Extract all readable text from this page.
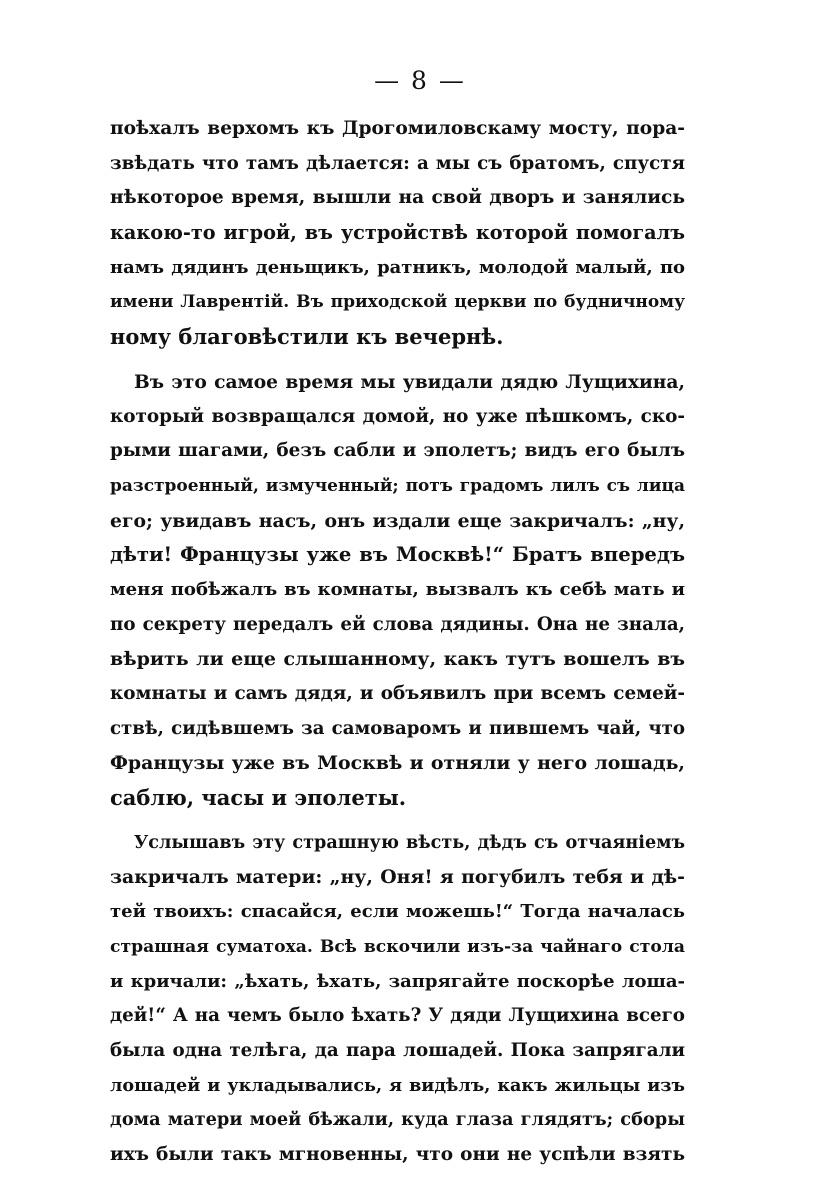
— 8 —
поѣхалъ верхомъ къ Дрогомиловскаму мосту, пора-
звѣдать что тамъ дѣлается: а мы съ братомъ, спустя
нѣкоторое время, вышли на свой дворъ и занялись
какою-то игрой, въ устройствѣ которой помогалъ
намъ дядинъ деньщикъ, ратникъ, молодой малый, по
имени Лаврентій. Въ приходской церкви по будничному
ному благовѣстили къ вечернѣ.
Въ это самое время мы увидали дядю Лущихина,
который возвращался домой, но уже пѣшкомъ, ско-
рыми шагами, безъ сабли и эполетъ; видъ его былъ
разстроенный, измученный; потъ градомъ лилъ съ лица
его; увидавъ насъ, онъ издали еще закричалъ: „ну,
дѣти! Французы уже въ Москвѣ!“ Братъ впередъ
меня побѣжалъ въ комнаты, вызвалъ къ себѣ мать и
по секрету передалъ ей слова дядины. Она не знала,
вѣрить ли еще слышанному, какъ тутъ вошелъ въ
комнаты и самъ дядя, и объявилъ при всемъ семей-
ствѣ, сидѣвшемъ за самоваромъ и пившемъ чай, что
Французы уже въ Москвѣ и отняли у него лошадь,
саблю, часы и эполеты.
Услышавъ эту страшную вѣсть, дѣдъ съ отчаяніемъ
закричалъ матери: „ну, Оня! я погубилъ тебя и дѣ-
тей твоихъ: спасайся, если можешь!“ Тогда началась
страшная суматоха. Всѣ вскочили изъ-за чайнаго стола
и кричали: „ѣхать, ѣхать, запрягайте поскорѣе лоша-
дей!“ А на чемъ было ѣхать? У дяди Лущихина всего
была одна телѣга, да пара лошадей. Пока запрягали
лошадей и укладывались, я видѣлъ, какъ жильцы изъ
дома матери моей бѣжали, куда глаза глядятъ; сборы
ихъ были такъ мгновенны, что они не успѣли взять
